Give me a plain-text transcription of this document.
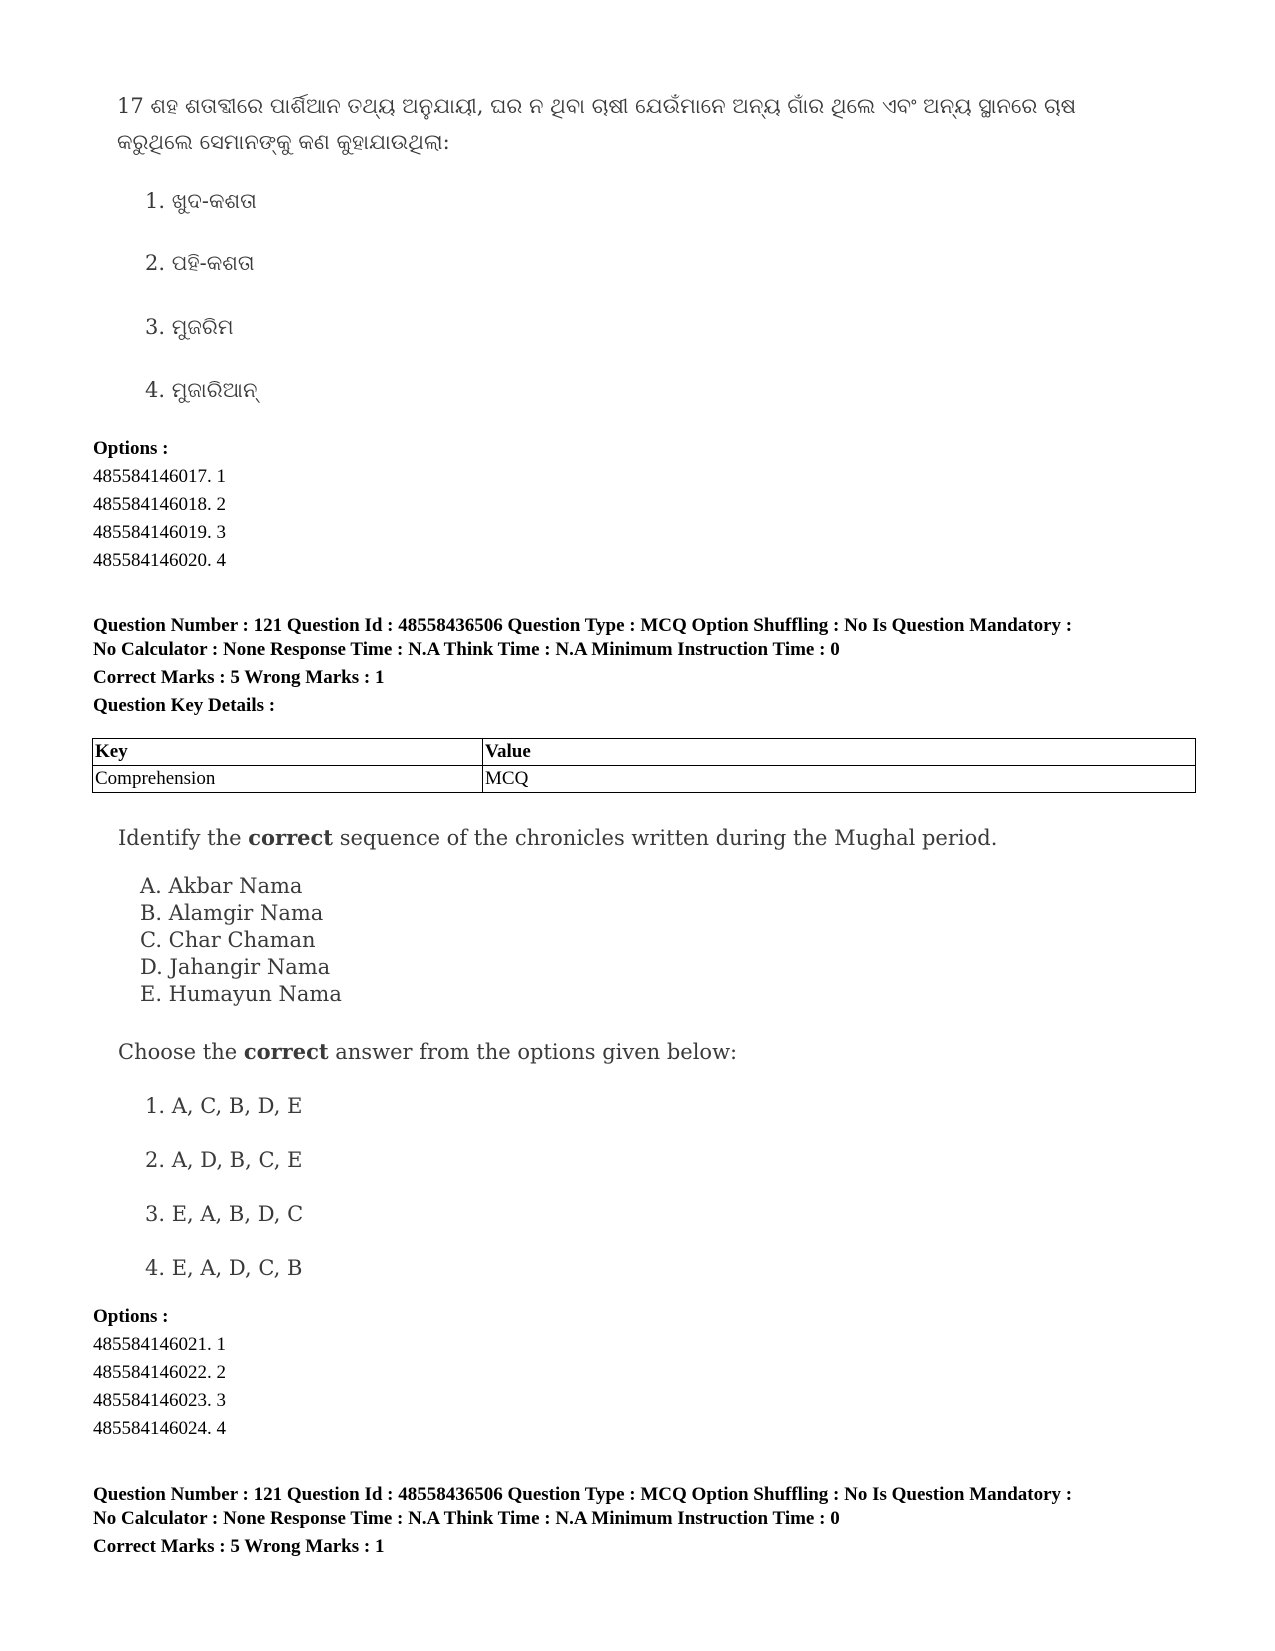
17 ଶହ ଶତାବ୍ଦୀରେ ପାର୍ଶିଆନ ତଥ୍ୟ ଅନୁଯାୟୀ, ଘର ନ ଥିବା ଚାଷୀ ଯେଉଁମାନେ ଅନ୍ୟ ଗାଁର ଥିଲେ ଏବଂ ଅନ୍ୟ ସ୍ଥାନରେ ଚାଷ କରୁଥିଲେ ସେମାନଙ୍କୁ କଣ କୁହାଯାଉଥିଲା:
1. ଖୁଦ-କଶତା
2. ପହି-କଶତା
3. ମୁଜରିମ
4. ମୁଜାରିଆନ୍
Options :
485584146017. 1
485584146018. 2
485584146019. 3
485584146020. 4
Question Number : 121 Question Id : 48558436506 Question Type : MCQ Option Shuffling : No Is Question Mandatory :
No Calculator : None Response Time : N.A Think Time : N.A Minimum Instruction Time : 0
Correct Marks : 5 Wrong Marks : 1
Question Key Details :
Key	Value
Comprehension	MCQ
Identify the correct sequence of the chronicles written during the Mughal period.
A. Akbar Nama
B. Alamgir Nama
C. Char Chaman
D. Jahangir Nama
E. Humayun Nama
Choose the correct answer from the options given below:
1. A, C, B, D, E
2. A, D, B, C, E
3. E, A, B, D, C
4. E, A, D, C, B
Options :
485584146021. 1
485584146022. 2
485584146023. 3
485584146024. 4
Question Number : 121 Question Id : 48558436506 Question Type : MCQ Option Shuffling : No Is Question Mandatory :
No Calculator : None Response Time : N.A Think Time : N.A Minimum Instruction Time : 0
Correct Marks : 5 Wrong Marks : 1
